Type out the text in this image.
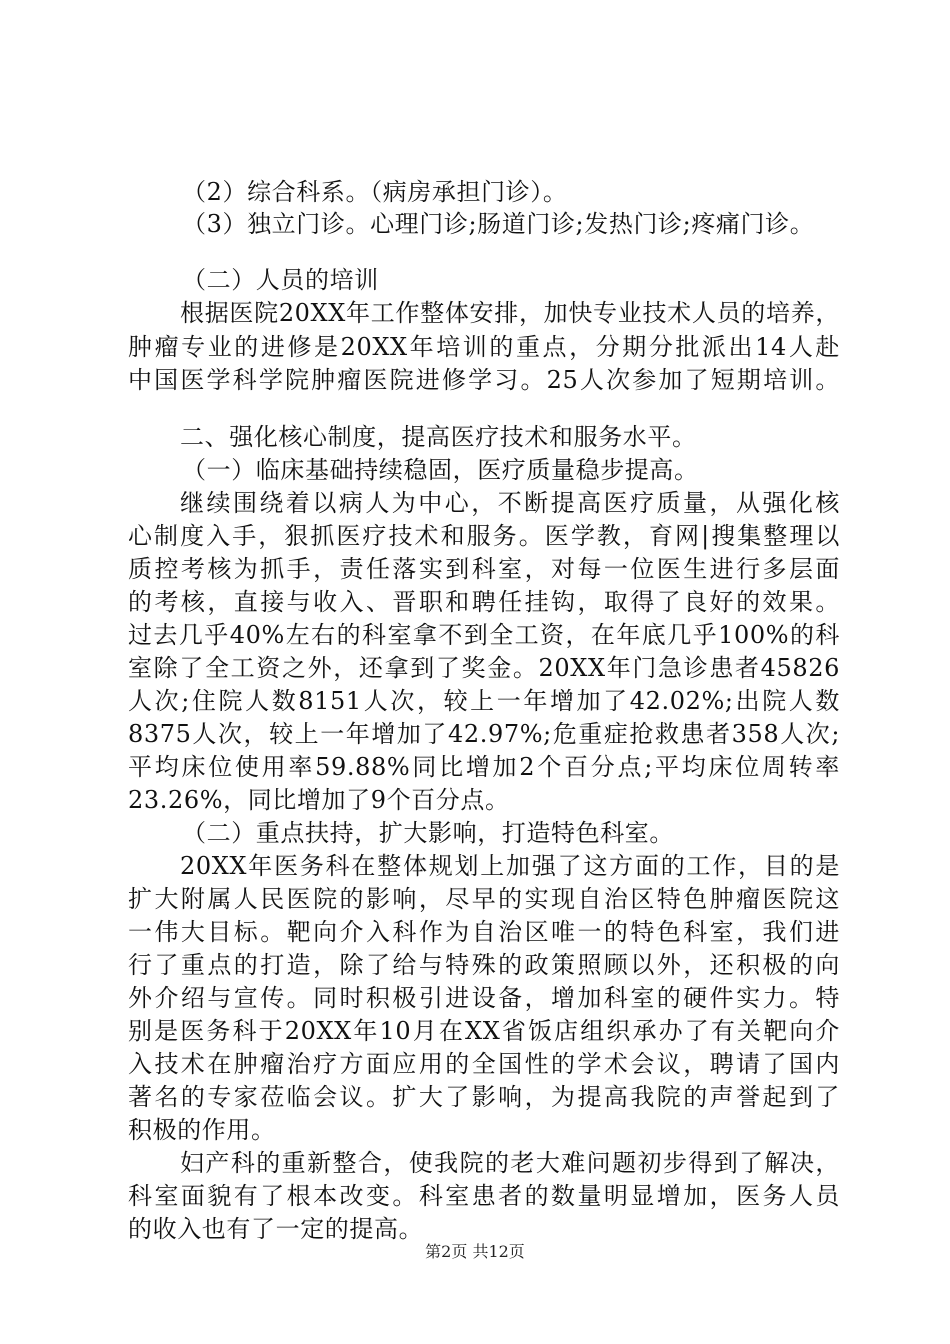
（2）综合科系。（病房承担门诊）。
（3）独立门诊。心理门诊;肠道门诊;发热门诊;疼痛门诊。
（二）人员的培训
根据医院20XX年工作整体安排，加快专业技术人员的培养，
肿瘤专业的进修是20XX年培训的重点，分期分批派出14人赴
中国医学科学院肿瘤医院进修学习。25人次参加了短期培训。
二、强化核心制度，提高医疗技术和服务水平。
（一）临床基础持续稳固，医疗质量稳步提高。
继续围绕着以病人为中心，不断提高医疗质量，从强化核
心制度入手，狠抓医疗技术和服务。医学教，育网|搜集整理以
质控考核为抓手，责任落实到科室，对每一位医生进行多层面
的考核，直接与收入、晋职和聘任挂钩，取得了良好的效果。
过去几乎40%左右的科室拿不到全工资，在年底几乎100%的科
室除了全工资之外，还拿到了奖金。20XX年门急诊患者45826
人次;住院人数8151人次，较上一年增加了42.02%;出院人数
8375人次，较上一年增加了42.97%;危重症抢救患者358人次;
平均床位使用率59.88%同比增加2个百分点;平均床位周转率
23.26%，同比增加了9个百分点。
（二）重点扶持，扩大影响，打造特色科室。
20XX年医务科在整体规划上加强了这方面的工作，目的是
扩大附属人民医院的影响，尽早的实现自治区特色肿瘤医院这
一伟大目标。靶向介入科作为自治区唯一的特色科室，我们进
行了重点的打造，除了给与特殊的政策照顾以外，还积极的向
外介绍与宣传。同时积极引进设备，增加科室的硬件实力。特
别是医务科于20XX年10月在XX省饭店组织承办了有关靶向介
入技术在肿瘤治疗方面应用的全国性的学术会议，聘请了国内
著名的专家莅临会议。扩大了影响，为提高我院的声誉起到了
积极的作用。
妇产科的重新整合，使我院的老大难问题初步得到了解决，
科室面貌有了根本改变。科室患者的数量明显增加，医务人员
的收入也有了一定的提高。
第2页 共12页
